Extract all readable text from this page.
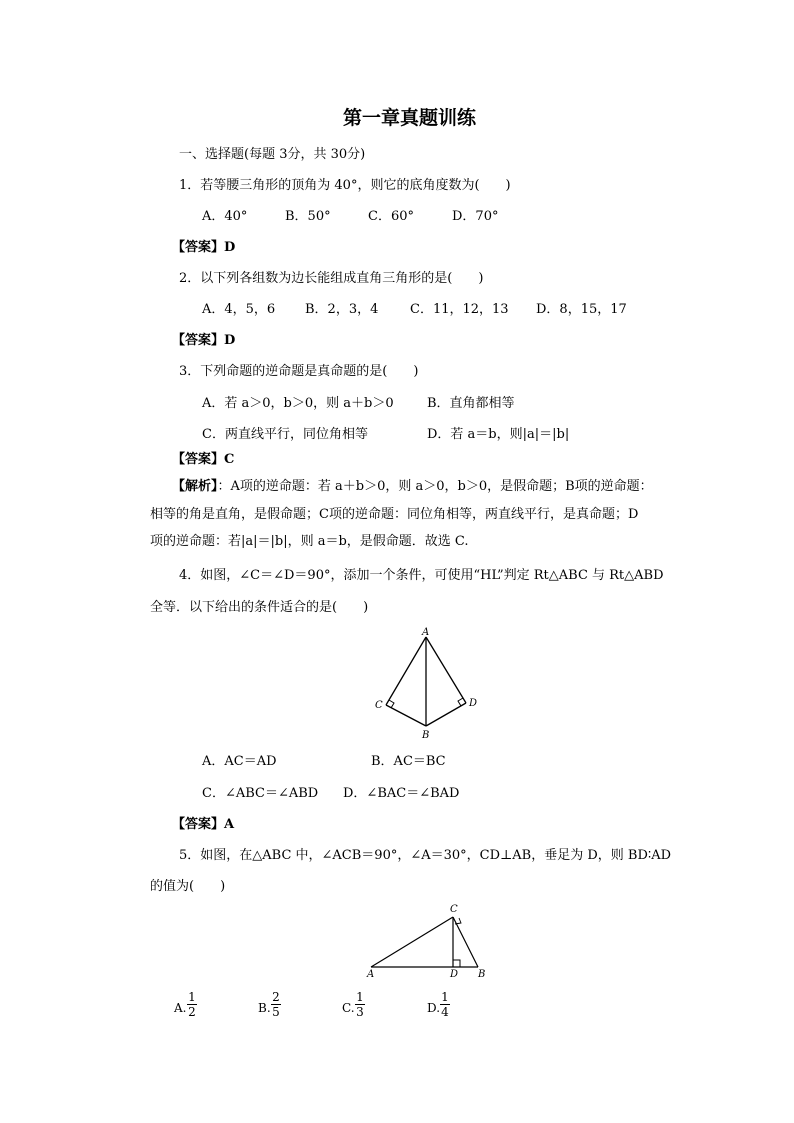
第一章真题训练
一、选择题(每题 3分，共 30分)
1．若等腰三角形的顶角为 40°，则它的底角度数为(　　)
A．40°	B．50°	C．60°	D．70°
【答案】D
2．以下列各组数为边长能组成直角三角形的是(　　)
A．4，5，6 B．2，3，4 C．11，12，13 D．8，15，17
【答案】D
3．下列命题的逆命题是真命题的是(　　)
A．若 a＞0，b＞0，则 a＋b＞0	B．直角都相等
C．两直线平行，同位角相等	D．若 a＝b，则|a|＝|b|
【答案】C
【解析】：A项的逆命题：若 a＋b＞0，则 a＞0，b＞0，是假命题；B项的逆命题：
相等的角是直角，是假命题；C项的逆命题：同位角相等，两直线平行，是真命题；D
项的逆命题：若|a|＝|b|，则 a＝b，是假命题．故选 C.
4．如图，∠C＝∠D＝90°，添加一个条件，可使用“HL”判定 Rt△ABC 与 Rt△ABD
全等．以下给出的条件适合的是(　　)
A
B
C	D
A．AC＝AD	B．AC＝BC
C．∠ABC＝∠ABD D．∠BAC＝∠BAD
【答案】A
5．如图，在△ABC 中，∠ACB＝90°，∠A＝30°，CD⊥AB，垂足为 D，则 BD∶AD
的值为(　　)
C
A	D B
A.
1
2	B.
2
5	C.
1
3	D.
1
4
